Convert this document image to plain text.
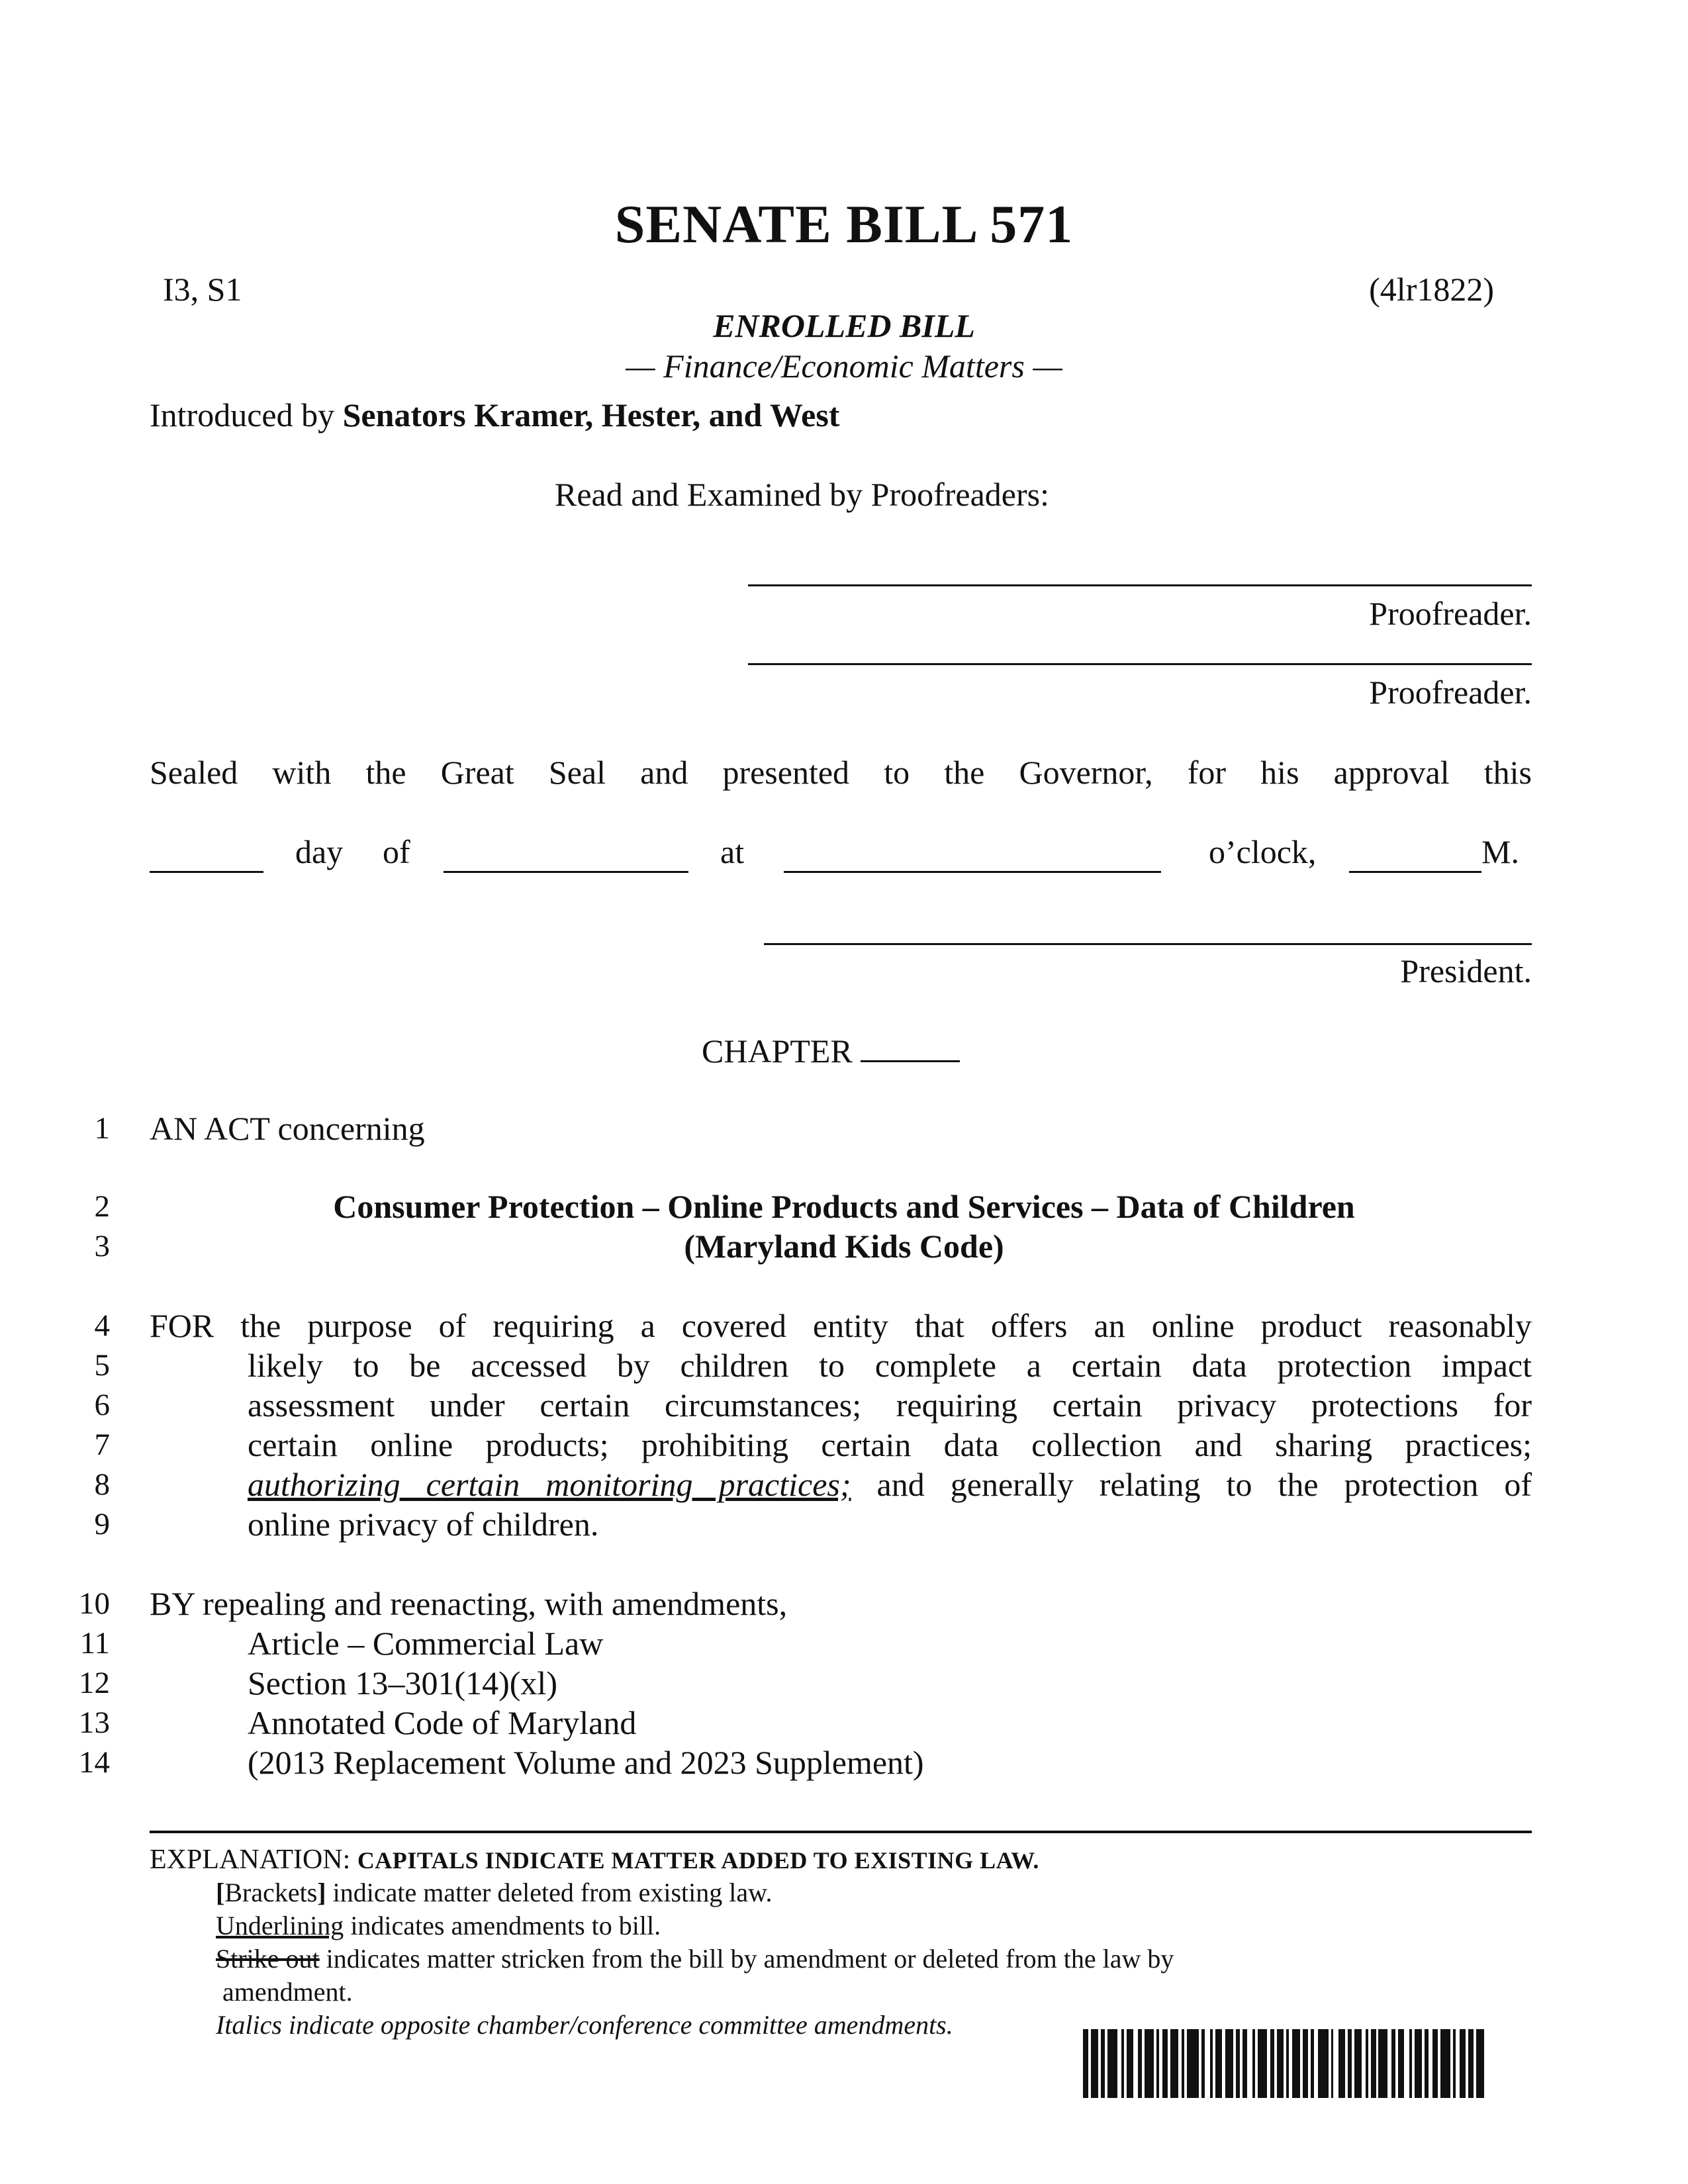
SENATE BILL 571
I3, S1	(4lr1822)
ENROLLED BILL
— Finance/Economic Matters —
Introduced by Senators Kramer, Hester, and West
Read and Examined by Proofreaders:
Proofreader.
Proofreader.
Sealed with the Great Seal and presented to the Governor, for his approval this
day of	at	o’clock,	M.
President.
CHAPTER
1 AN ACT concerning
2	Consumer Protection – Online Products and Services – Data of Children
3	(Maryland Kids Code)
4 FOR the purpose of requiring a covered entity that offers an online product reasonably
5	likely to be accessed by children to complete a certain data protection impact
6	assessment under certain circumstances; requiring certain privacy protections for
7	certain online products; prohibiting certain data collection and sharing practices;
8	authorizing certain monitoring practices; and generally relating to the protection of
9	online privacy of children.
10 BY repealing and reenacting, with amendments,
11	Article – Commercial Law
12	Section 13–301(14)(xl)
13	Annotated Code of Maryland
14	(2013 Replacement Volume and 2023 Supplement)
EXPLANATION: CAPITALS INDICATE MATTER ADDED TO EXISTING LAW.
[Brackets] indicate matter deleted from existing law.
Underlining indicates amendments to bill.
Strike out indicates matter stricken from the bill by amendment or deleted from the law by
amendment.
Italics indicate opposite chamber/conference committee amendments.
